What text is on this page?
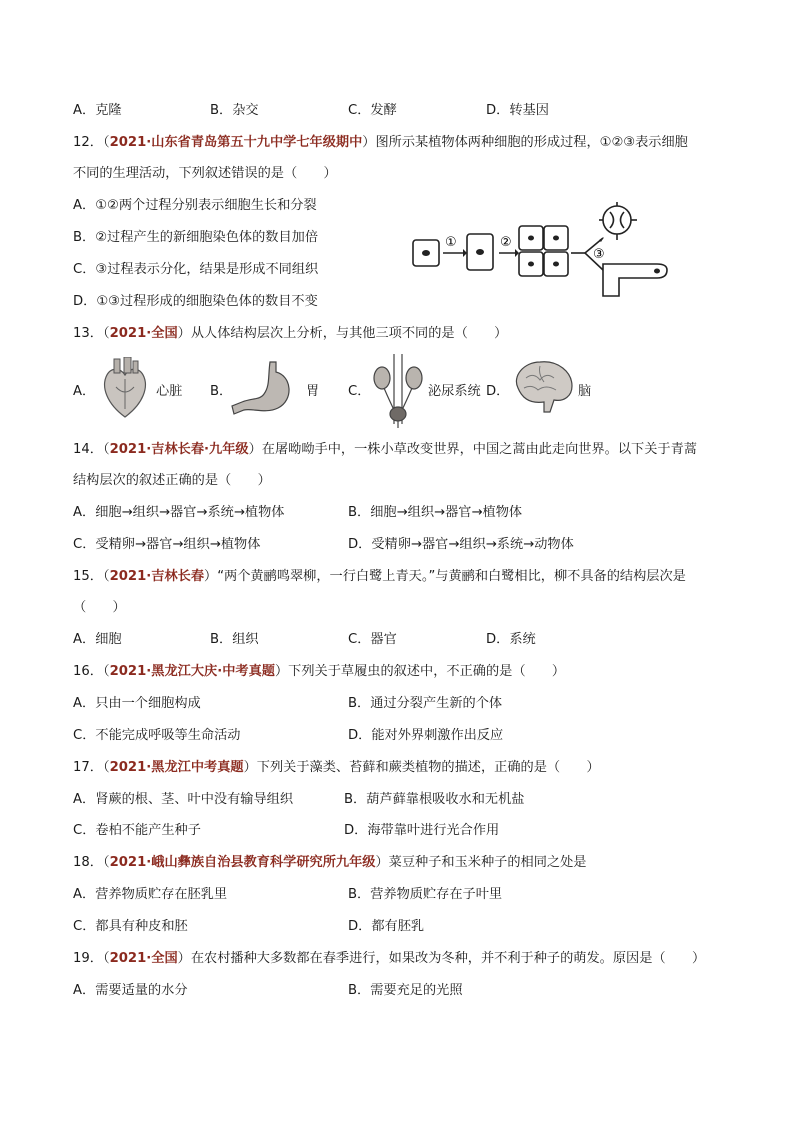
A．克隆	B．杂交	C．发酵	D．转基因
12．（2021·山东省青岛第五十九中学七年级期中）图所示某植物体两种细胞的形成过程，①②③表示细胞
不同的生理活动，下列叙述错误的是（　　）
A．①②两个过程分别表示细胞生长和分裂
B．②过程产生的新细胞染色体的数目加倍
C．③过程表示分化，结果是形成不同组织
D．①③过程形成的细胞染色体的数目不变
①	②
③
13．（2021·全国）从人体结构层次上分析，与其他三项不同的是（　　）
A．	心脏 B．	胃 C．	泌尿系统 D．	脑
14．（2021·吉林长春·九年级）在屠呦呦手中，一株小草改变世界，中国之蒿由此走向世界。以下关于青蒿
结构层次的叙述正确的是（　　）
A．细胞→组织→器官→系统→植物体	B．细胞→组织→器官→植物体
C．受精卵→器官→组织→植物体	D．受精卵→器官→组织→系统→动物体
15．（2021·吉林长春）“两个黄鹂鸣翠柳，一行白鹭上青天。”与黄鹂和白鹭相比，柳不具备的结构层次是
（　　）
A．细胞	B．组织	C．器官	D．系统
16．（2021·黑龙江大庆·中考真题）下列关于草履虫的叙述中，不正确的是（　　）
A．只由一个细胞构成	B．通过分裂产生新的个体
C．不能完成呼吸等生命活动	D．能对外界刺激作出反应
17．（2021·黑龙江中考真题）下列关于藻类、苔藓和蕨类植物的描述，正确的是（　　）
A．肾蕨的根、茎、叶中没有输导组织	B．葫芦藓靠根吸收水和无机盐
C．卷柏不能产生种子	D．海带靠叶进行光合作用
18．（2021·峨山彝族自治县教育科学研究所九年级）菜豆种子和玉米种子的相同之处是
A．营养物质贮存在胚乳里	B．营养物质贮存在子叶里
C．都具有种皮和胚	D．都有胚乳
19．（2021·全国）在农村播种大多数都在春季进行，如果改为冬种，并不利于种子的萌发。原因是（　　）
A．需要适量的水分	B．需要充足的光照
